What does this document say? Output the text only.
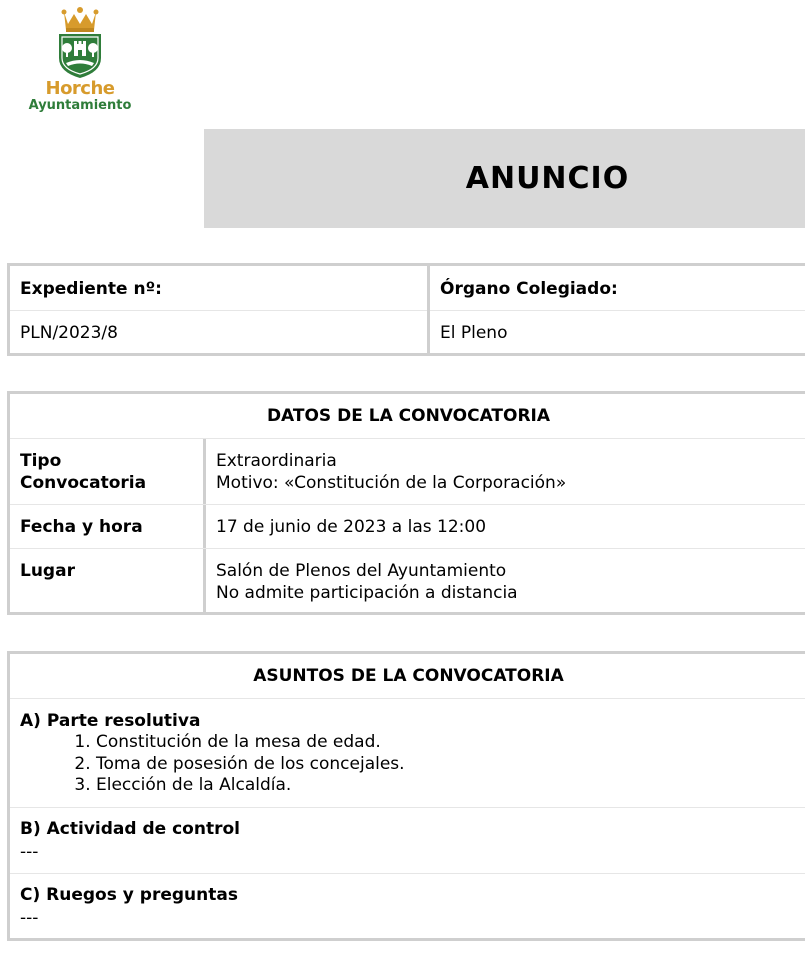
Horche
Ayuntamiento
ANUNCIO
Expediente nº:
PLN/2023/8
Órgano Colegiado:
El Pleno
DATOS DE LA CONVOCATORIA
Tipo
Convocatoria
Extraordinaria
Motivo: «Constitución de la Corporación»
Fecha y hora	17 de junio de 2023 a las 12:00
Lugar	Salón de Plenos del Ayuntamiento
No admite participación a distancia
ASUNTOS DE LA CONVOCATORIA
A) Parte resolutiva
1. Constitución de la mesa de edad.
2. Toma de posesión de los concejales.
3. Elección de la Alcaldía.
B) Actividad de control
---
C) Ruegos y preguntas
---
